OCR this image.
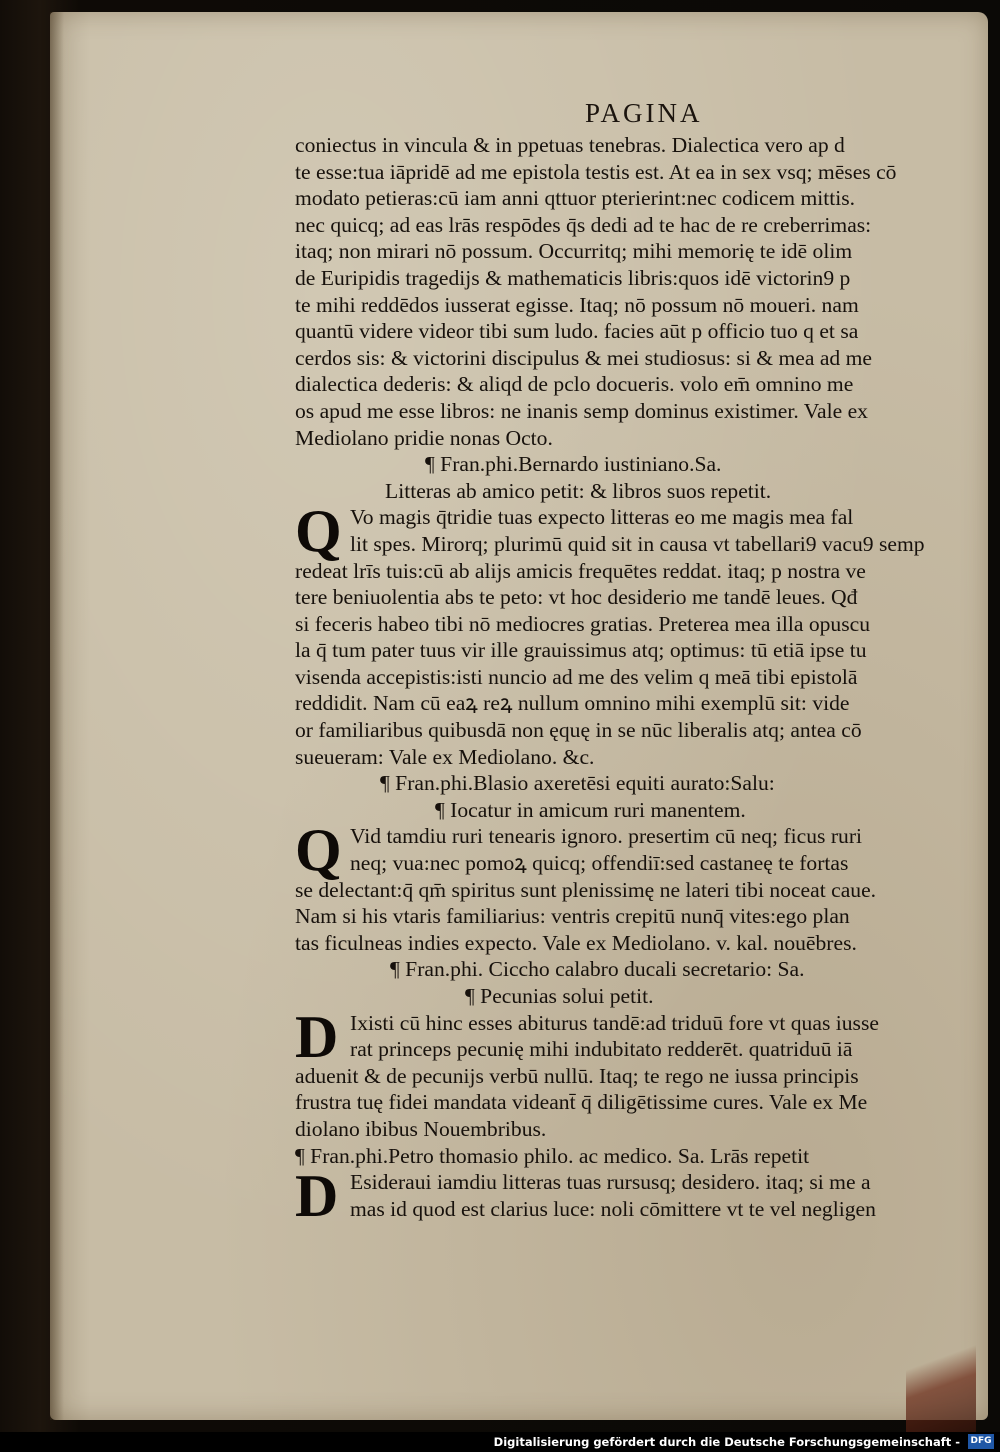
PAGINA
coniectus in vincula & in ppetuas tenebras. Dialectica vero ap d
te esse:tua iāpridē ad me epistola testis est. At ea in sex vsq; mēses cō
modato petieras:cū iam anni qttuor pterierint:nec codicem mittis.
nec quicq; ad eas lrās respōdes q̄s dedi ad te hac de re creberrimas:
itaq; non mirari nō possum. Occurritq; mihi memorię te idē olim
de Euripidis tragedijs & mathematicis libris:quos idē victorin9 p
te mihi reddēdos iusserat egisse. Itaq; nō possum nō moueri. nam
quantū videre videor tibi sum ludo. facies aūt p officio tuo q et sa
cerdos sis: & victorini discipulus & mei studiosus: si & mea ad me
dialectica dederis: & aliqd de pclo docueris. volo em̄ omnino me
os apud me esse libros: ne inanis semp dominus existimer. Vale ex
Mediolano pridie nonas Octo.
¶ Fran.phi.Bernardo iustiniano.Sa.
Litteras ab amico petit: & libros suos repetit.
Q Vo magis q̄tridie tuas expecto litteras eo me magis mea fal
lit spes. Mirorq; plurimū quid sit in causa vt tabellari9 vacu9 semp
redeat lrīs tuis:cū ab alijs amicis frequētes reddat. itaq; p nostra ve
tere beniuolentia abs te peto: vt hoc desiderio me tandē leues. Qđ
si feceris habeo tibi nō mediocres gratias. Preterea mea illa opuscu
la q̄ tum pater tuus vir ille grauissimus atq; optimus: tū etiā ipse tu
visenda accepistis:isti nuncio ad me des velim q meā tibi epistolā
reddidit. Nam cū eaꝝ reꝝ nullum omnino mihi exemplū sit: vide
or familiaribus quibusdā non ęquę in se nūc liberalis atq; antea cō
sueueram: Vale ex Mediolano. &c.
¶ Fran.phi.Blasio axeretēsi equiti aurato:Salu:
¶ Iocatur in amicum ruri manentem.
Q Vid tamdiu ruri tenearis ignoro. presertim cū neq; ficus ruri
neq; vua:nec pomoꝝ quicq; offendiī:sed castaneę te fortas
se delectant:q̄ qm̄ spiritus sunt plenissimę ne lateri tibi noceat caue.
Nam si his vtaris familiarius: ventris crepitū nunq̄ vites:ego plan
tas ficulneas indies expecto. Vale ex Mediolano. v. kal. nouēbres.
¶ Fran.phi. Ciccho calabro ducali secretario: Sa.
¶ Pecunias solui petit.
D Ixisti cū hinc esses abiturus tandē:ad triduū fore vt quas iusse
rat princeps pecunię mihi indubitato redderēt. quatriduū iā
aduenit & de pecunijs verbū nullū. Itaq; te rego ne iussa principis
frustra tuę fidei mandata videant̄ q̄ diligētissime cures. Vale ex Me
diolano ibibus Nouembribus.
¶ Fran.phi.Petro thomasio philo. ac medico. Sa. Lrās repetit
D Esideraui iamdiu litteras tuas rursusq; desidero. itaq; si me a
mas id quod est clarius luce: noli cōmittere vt te vel negligen
Digitalisierung gefördert durch die Deutsche Forschungsgemeinschaft - DFG
